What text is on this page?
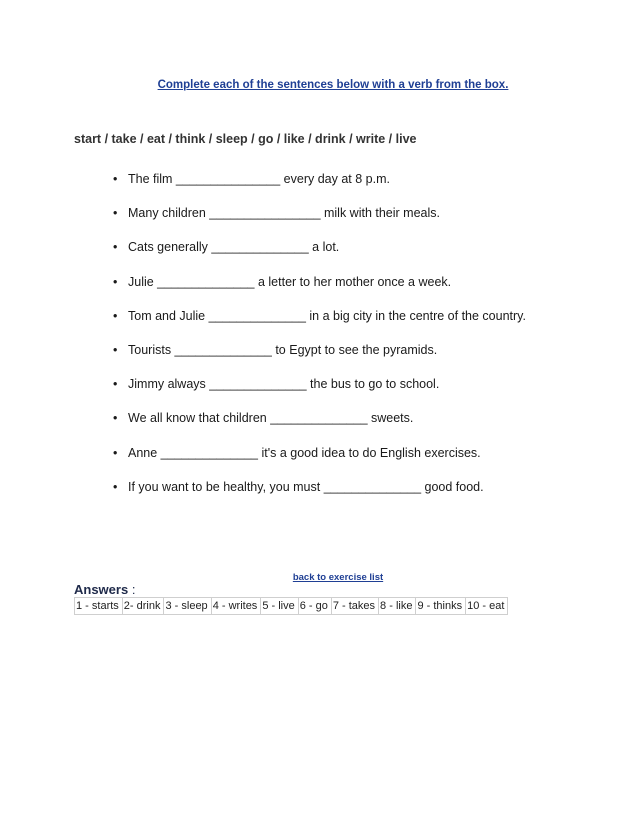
Complete each of the sentences below with a verb from the box.
start / take / eat / think / sleep / go / like / drink / write / live
• The film _______________ every day at 8 p.m.
• Many children ________________ milk with their meals.
• Cats generally ______________ a lot.
• Julie ______________ a letter to her mother once a week.
• Tom and Julie ______________ in a big city in the centre of the country.
• Tourists ______________ to Egypt to see the pyramids.
• Jimmy always ______________ the bus to go to school.
• We all know that children ______________ sweets.
• Anne ______________ it's a good idea to do English exercises.
• If you want to be healthy, you must ______________ good food.
back to exercise list
Answers :
1 - starts	2- drink	3 - sleep	4 - writes	5 - live	6 - go	7 - takes	8 - like	9 - thinks	10 - eat
